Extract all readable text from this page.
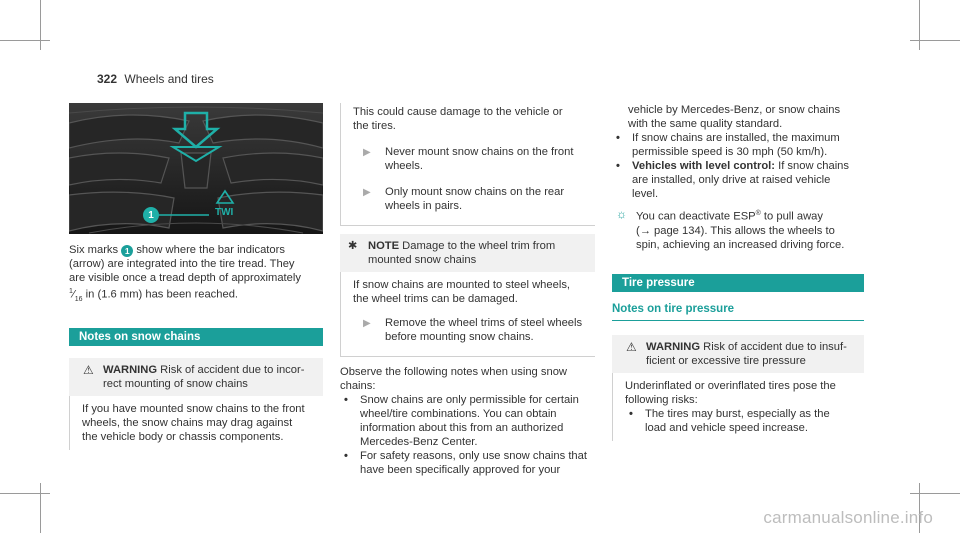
322 Wheels and tires
1	TWI

Six marks 1 show where the bar indicators
(arrow) are integrated into the tire tread. They
are visible once a tread depth of approximately
$^1⁄_{16}$ in (1.6 mm) has been reached.

Notes on snow chains
⚠ WARNING Risk of accident due to incor-
rect mounting of snow chains
If you have mounted snow chains to the front
wheels, the snow chains may drag against
the vehicle body or chassis components.
This could cause damage to the vehicle or
the tires.
▶	Never mount snow chains on the front
wheels.
▶	Only mount snow chains on the rear
wheels in pairs.
✱ NOTE Damage to the wheel trim from
mounted snow chains
If snow chains are mounted to steel wheels,
the wheel trims can be damaged.
▶	Remove the wheel trims of steel wheels
before mounting snow chains.

Observe the following notes when using snow
chains:

•	Snow chains are only permissible for certain
wheel/tire combinations. You can obtain
information about this from an authorized
Mercedes-Benz Center.
•	For safety reasons, only use snow chains that
have been specifically approved for your

vehicle by Mercedes-Benz, or snow chains
with the same quality standard.

•	If snow chains are installed, the maximum
permissible speed is 30 mph (50 km/h).
•	Vehicles with level control: If snow chains
are installed, only drive at raised vehicle
level.
☼ You can deactivate ESP® to pull away
(→ page 134). This allows the wheels to
spin, achieving an increased driving force.
Tire pressure
Notes on tire pressure
⚠ WARNING Risk of accident due to insuf-
ficient or excessive tire pressure
Underinflated or overinflated tires pose the
following risks:
•	The tires may burst, especially as the
load and vehicle speed increase.
carmanualsonline.info
